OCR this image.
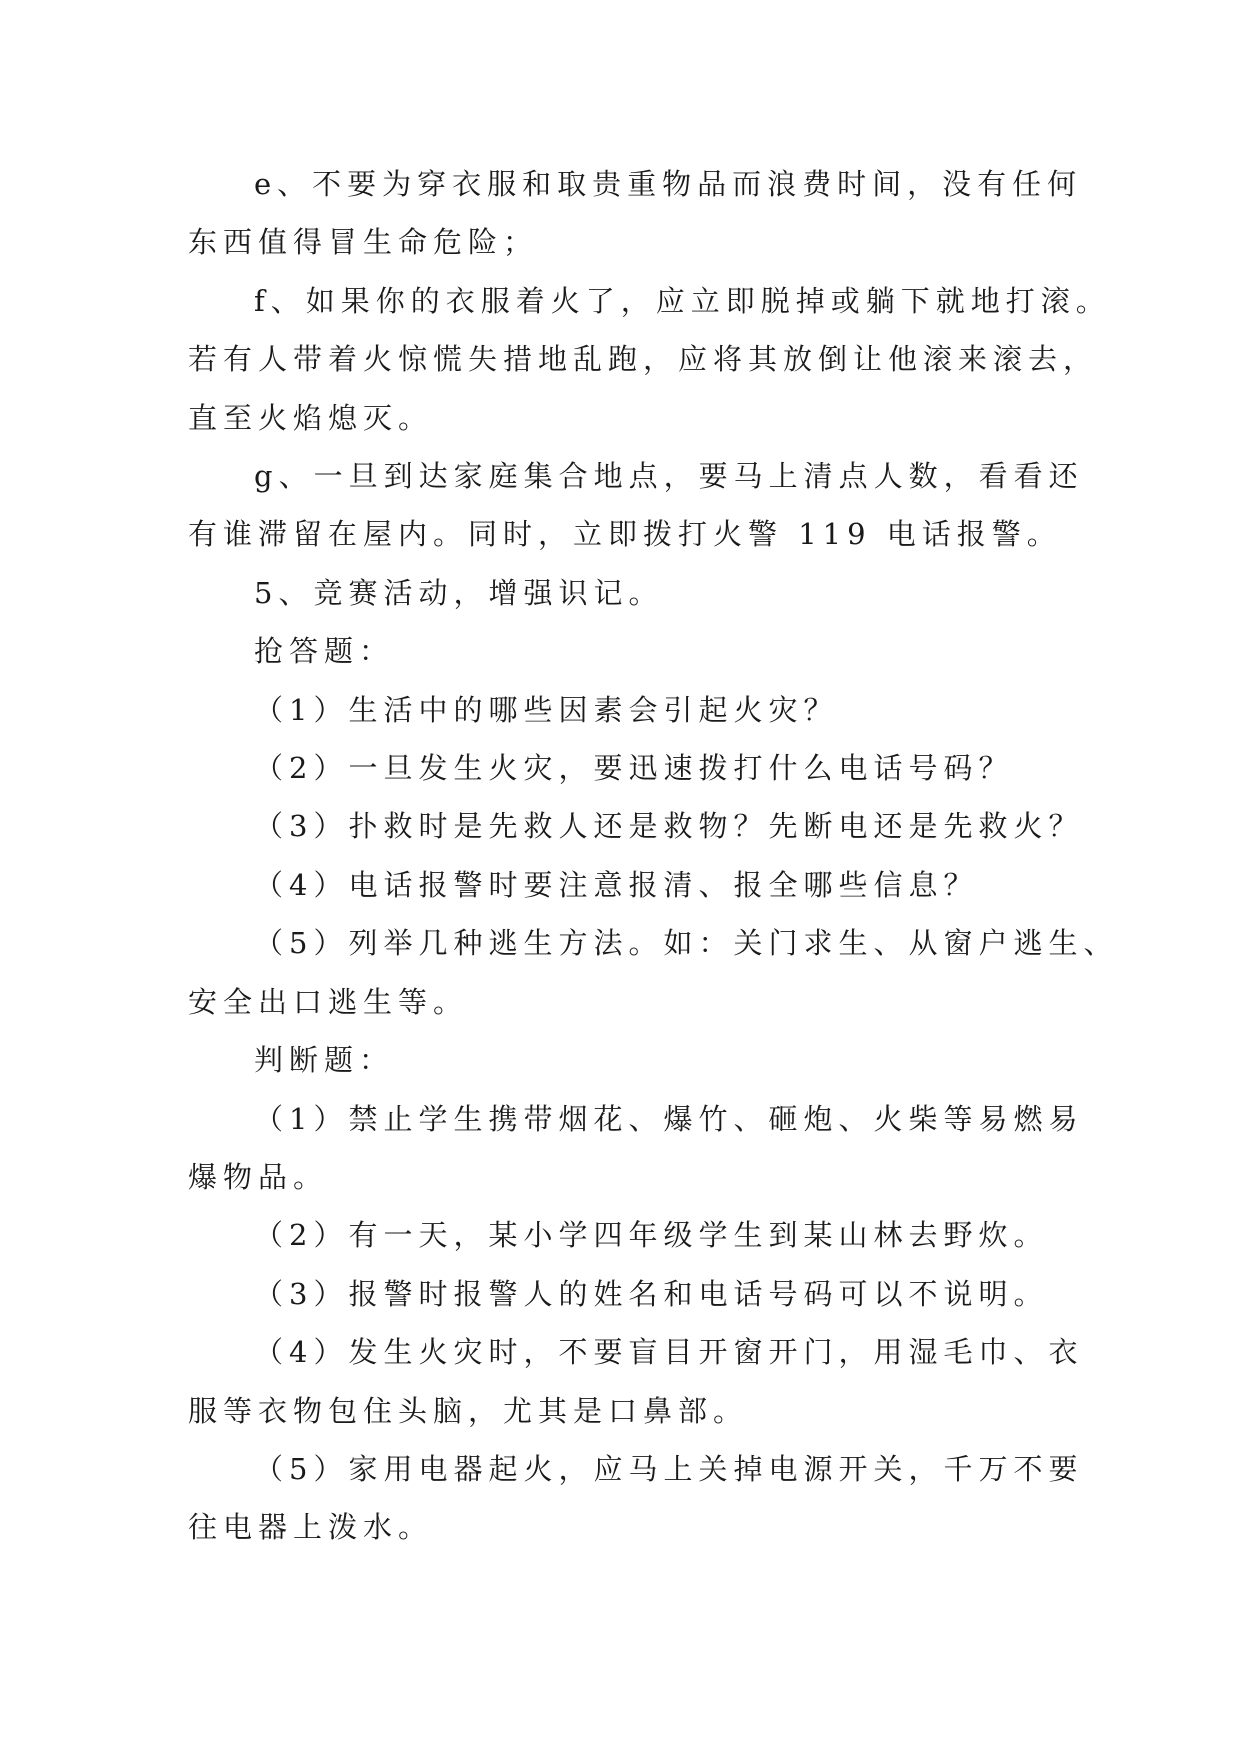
e、不要为穿衣服和取贵重物品而浪费时间，没有任何

东西值得冒生命危险；

f、如果你的衣服着火了，应立即脱掉或躺下就地打滚。

若有人带着火惊慌失措地乱跑，应将其放倒让他滚来滚去，

直至火焰熄灭。

g、一旦到达家庭集合地点，要马上清点人数，看看还

有谁滞留在屋内。同时，立即拨打火警 119 电话报警。

5、竞赛活动，增强识记。

抢答题：

（1）生活中的哪些因素会引起火灾？

（2）一旦发生火灾，要迅速拨打什么电话号码？

（3）扑救时是先救人还是救物？先断电还是先救火？

（4）电话报警时要注意报清、报全哪些信息？

（5）列举几种逃生方法。如：关门求生、从窗户逃生、

安全出口逃生等。

判断题：

（1）禁止学生携带烟花、爆竹、砸炮、火柴等易燃易

爆物品。

（2）有一天，某小学四年级学生到某山林去野炊。

（3）报警时报警人的姓名和电话号码可以不说明。

（4）发生火灾时，不要盲目开窗开门，用湿毛巾、衣

服等衣物包住头脑，尤其是口鼻部。

（5）家用电器起火，应马上关掉电源开关，千万不要

往电器上泼水。
